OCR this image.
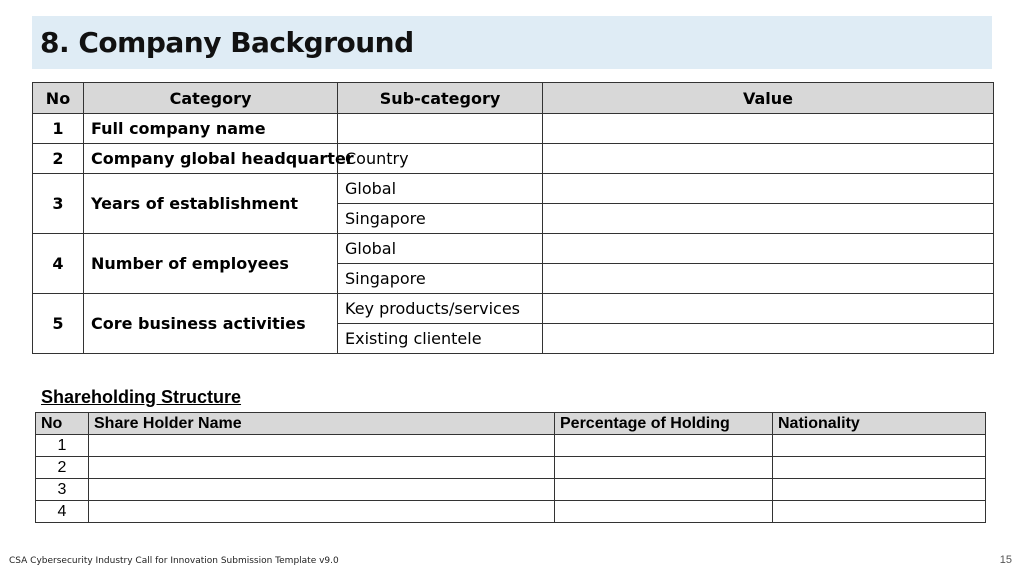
8. Company Background
No	Category	Sub-category	Value
1	Full company name		
2	Company global headquarter	Country	
3	Years of establishment	Global	
		Singapore	
4	Number of employees	Global	
		Singapore	
5	Core business activities	Key products/services	
		Existing clientele	

Shareholding Structure

No	Share Holder Name	Percentage of Holding	Nationality
1			
2			
3			
4			
CSA Cybersecurity Industry Call for Innovation Submission Template v9.0	15
